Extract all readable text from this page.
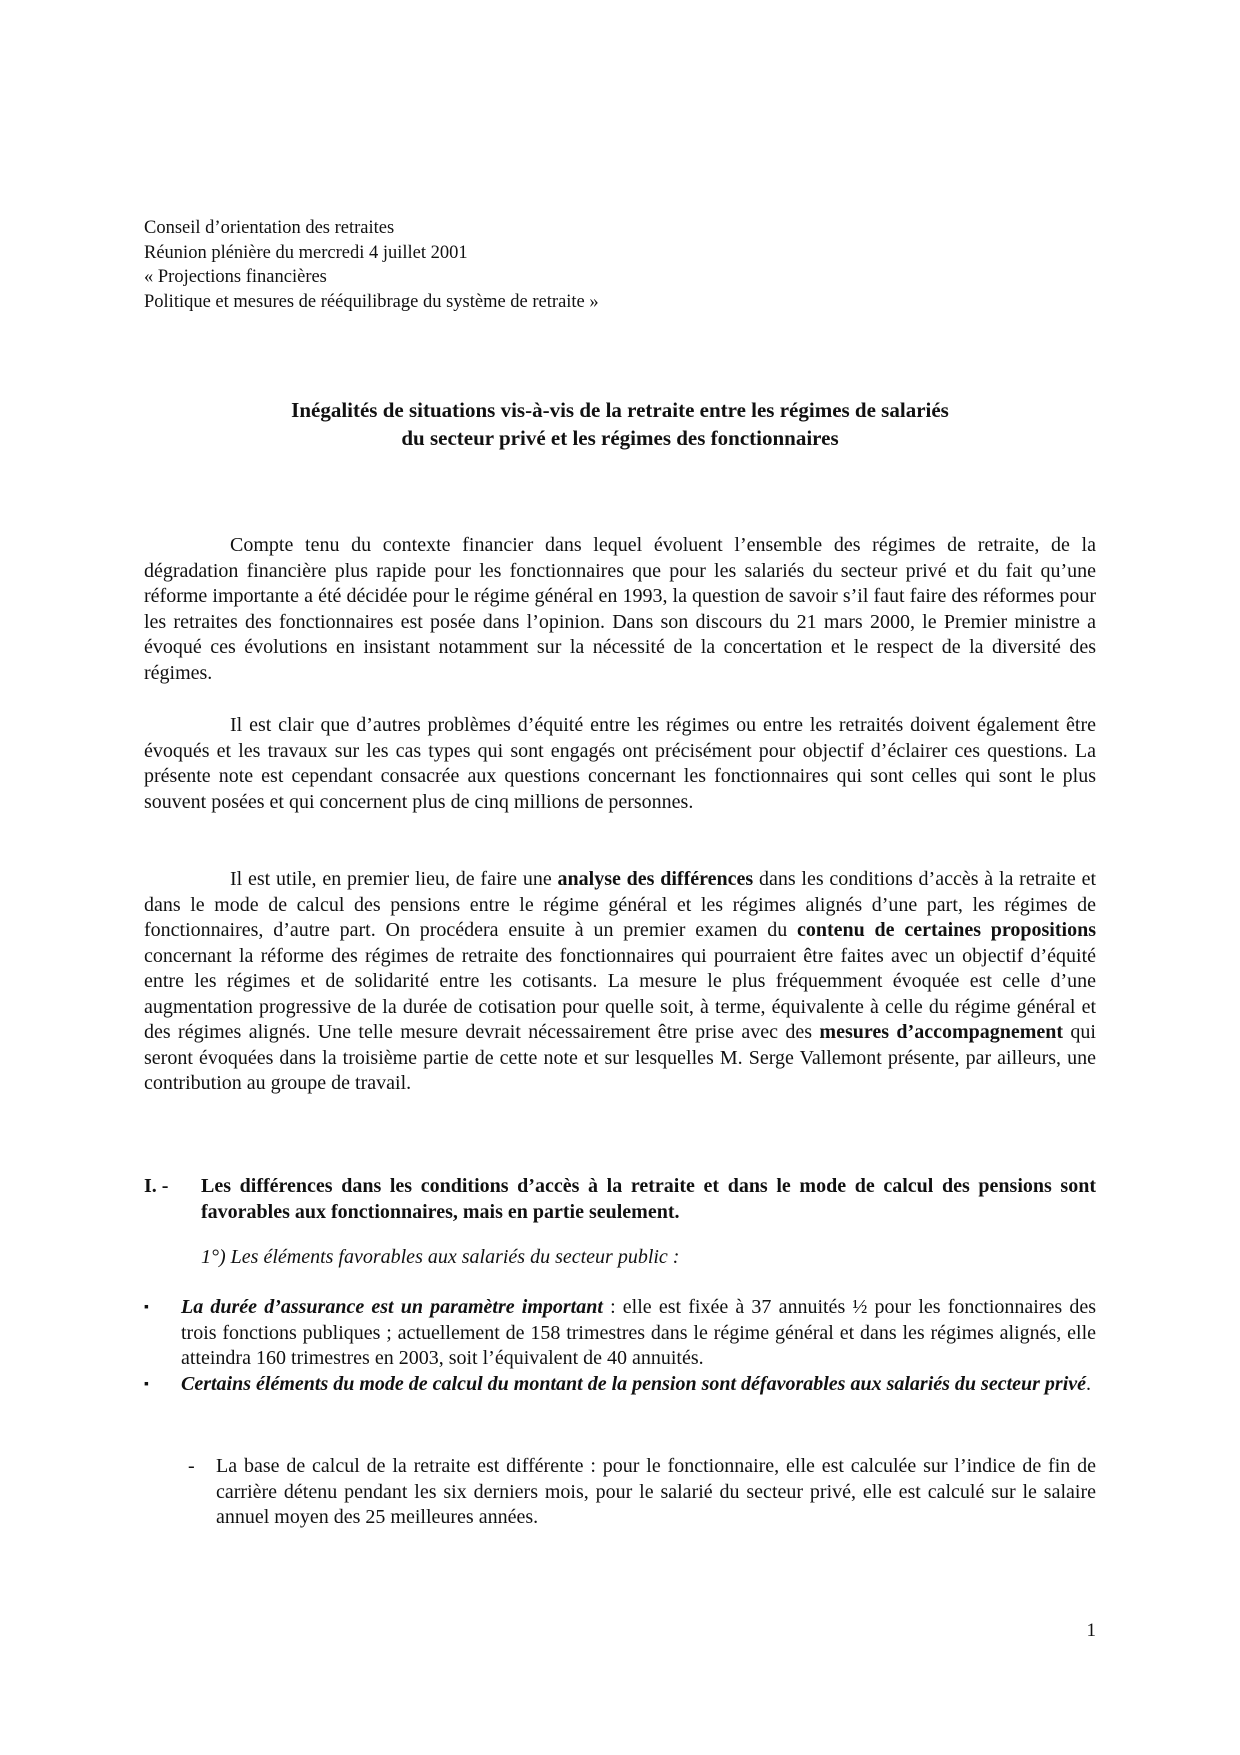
Conseil d’orientation des retraites
Réunion plénière du mercredi 4 juillet 2001
« Projections financières
Politique et mesures de rééquilibrage du système de retraite »
Inégalités de situations vis-à-vis de la retraite entre les régimes de salariés
du secteur privé et les régimes des fonctionnaires
Compte tenu du contexte financier dans lequel évoluent l’ensemble des régimes de retraite, de la dégradation financière plus rapide pour les fonctionnaires que pour les salariés du secteur privé et du fait qu’une réforme importante a été décidée pour le régime général en 1993, la question de savoir s’il faut faire des réformes pour les retraites des fonctionnaires est posée dans l’opinion. Dans son discours du 21 mars 2000, le Premier ministre a évoqué ces évolutions en insistant notamment sur la nécessité de la concertation et le respect de la diversité des régimes.
Il est clair que d’autres problèmes d’équité entre les régimes ou entre les retraités doivent également être évoqués et les travaux sur les cas types qui sont engagés ont précisément pour objectif d’éclairer ces questions. La présente note est cependant consacrée aux questions concernant les fonctionnaires qui sont celles qui sont le plus souvent posées et qui concernent plus de cinq millions de personnes.
Il est utile, en premier lieu, de faire une analyse des différences dans les conditions d’accès à la retraite et dans le mode de calcul des pensions entre le régime général et les régimes alignés d’une part, les régimes de fonctionnaires, d’autre part. On procédera ensuite à un premier examen du contenu de certaines propositions concernant la réforme des régimes de retraite des fonctionnaires qui pourraient être faites avec un objectif d’équité entre les régimes et de solidarité entre les cotisants. La mesure le plus fréquemment évoquée est celle d’une augmentation progressive de la durée de cotisation pour quelle soit, à terme, équivalente à celle du régime général et des régimes alignés. Une telle mesure devrait nécessairement être prise avec des mesures d’accompagnement qui seront évoquées dans la troisième partie de cette note et sur lesquelles M. Serge Vallemont présente, par ailleurs, une contribution au groupe de travail.
I. - Les différences dans les conditions d’accès à la retraite et dans le mode de calcul des pensions sont favorables aux fonctionnaires, mais en partie seulement.
1°) Les éléments favorables aux salariés du secteur public :
▪ La durée d’assurance est un paramètre important : elle est fixée à 37 annuités ½ pour les fonctionnaires des trois fonctions publiques ; actuellement de 158 trimestres dans le régime général et dans les régimes alignés, elle atteindra 160 trimestres en 2003, soit l’équivalent de 40 annuités.
▪ Certains éléments du mode de calcul du montant de la pension sont défavorables aux salariés du secteur privé.
- La base de calcul de la retraite est différente : pour le fonctionnaire, elle est calculée sur l’indice de fin de carrière détenu pendant les six derniers mois, pour le salarié du secteur privé, elle est calculé sur le salaire annuel moyen des 25 meilleures années.
1
